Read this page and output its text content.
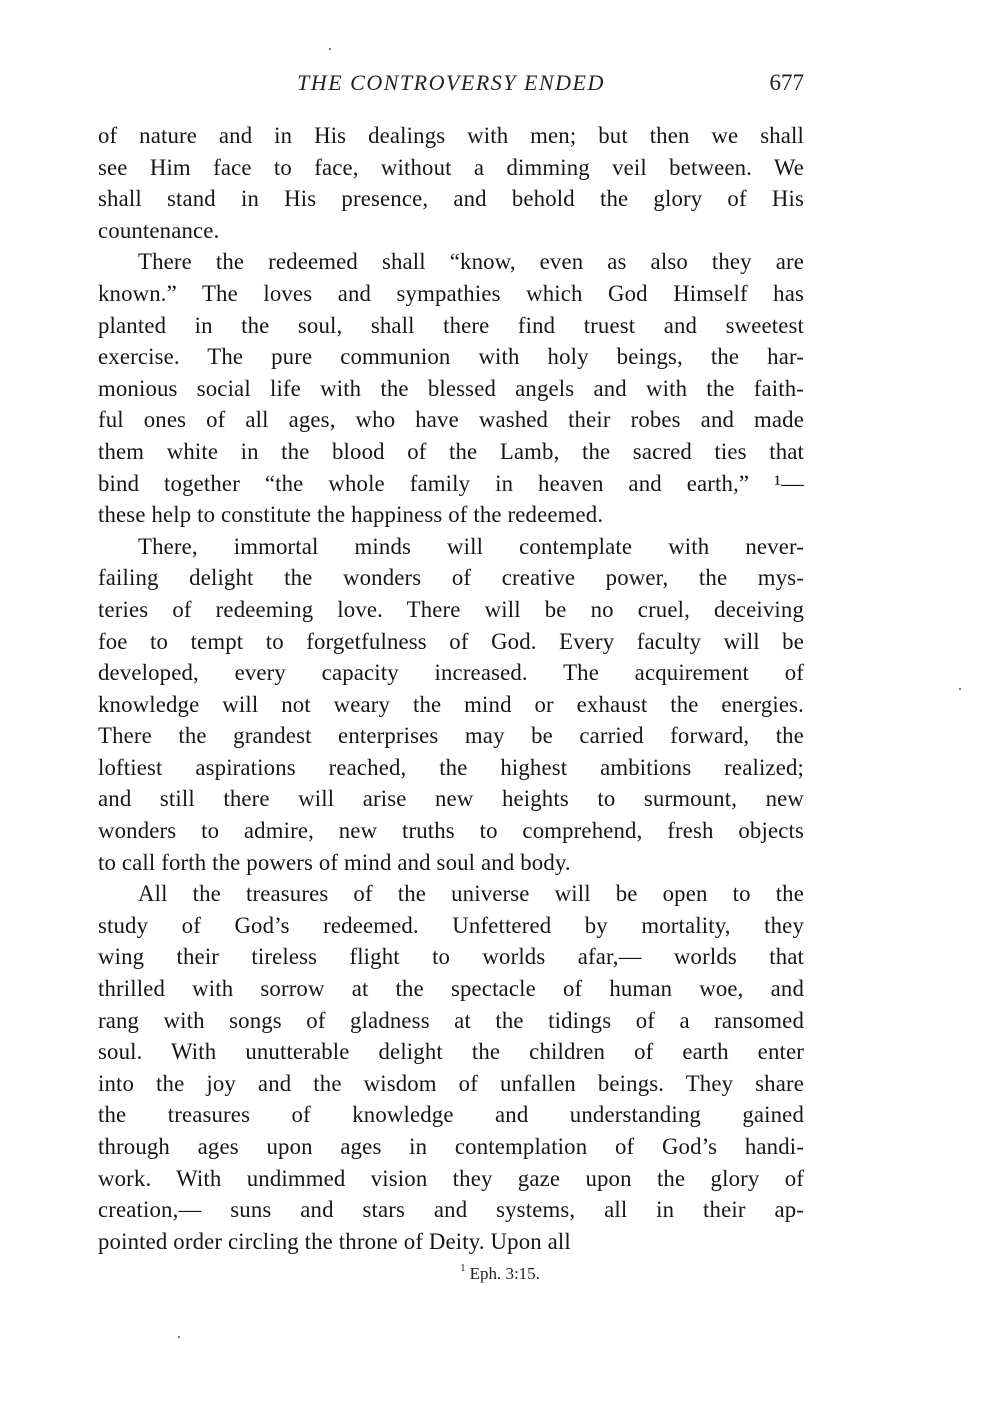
THE CONTROVERSY ENDED	677
of nature and in His dealings with men; but then we shall
see Him face to face, without a dimming veil between. We
shall stand in His presence, and behold the glory of His
countenance.
There the redeemed shall “know, even as also they are
known.” The loves and sympathies which God Himself has
planted in the soul, shall there find truest and sweetest
exercise. The pure communion with holy beings, the har-
monious social life with the blessed angels and with the faith-
ful ones of all ages, who have washed their robes and made
them white in the blood of the Lamb, the sacred ties that
bind together “the whole family in heaven and earth,” ¹—
these help to constitute the happiness of the redeemed.
There, immortal minds will contemplate with never-
failing delight the wonders of creative power, the mys-
teries of redeeming love. There will be no cruel, deceiving
foe to tempt to forgetfulness of God. Every faculty will be
developed, every capacity increased. The acquirement of
knowledge will not weary the mind or exhaust the energies.
There the grandest enterprises may be carried forward, the
loftiest aspirations reached, the highest ambitions realized;
and still there will arise new heights to surmount, new
wonders to admire, new truths to comprehend, fresh objects
to call forth the powers of mind and soul and body.
All the treasures of the universe will be open to the
study of God’s redeemed. Unfettered by mortality, they
wing their tireless flight to worlds afar,— worlds that
thrilled with sorrow at the spectacle of human woe, and
rang with songs of gladness at the tidings of a ransomed
soul. With unutterable delight the children of earth enter
into the joy and the wisdom of unfallen beings. They share
the treasures of knowledge and understanding gained
through ages upon ages in contemplation of God’s handi-
work. With undimmed vision they gaze upon the glory of
creation,— suns and stars and systems, all in their ap-
pointed order circling the throne of Deity. Upon all
$^1$ Eph. 3:15.
